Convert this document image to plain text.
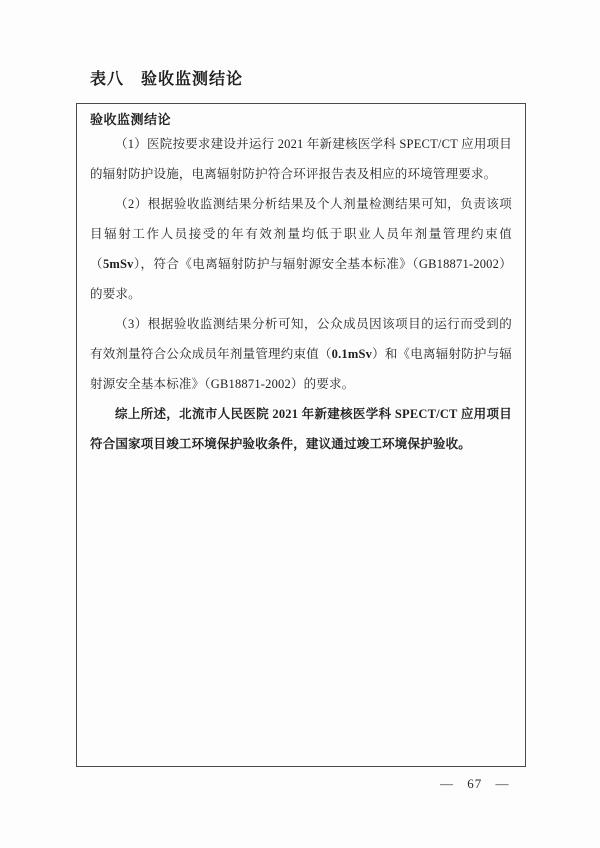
表八　验收监测结论
验收监测结论

（1）医院按要求建设并运行 2021 年新建核医学科 SPECT/CT 应用项目的辐射防护设施，电离辐射防护符合环评报告表及相应的环境管理要求。

（2）根据验收监测结果分析结果及个人剂量检测结果可知，负责该项目辐射工作人员接受的年有效剂量均低于职业人员年剂量管理约束值（5mSv），符合《电离辐射防护与辐射源安全基本标准》（GB18871-2002）的要求。

（3）根据验收监测结果分析可知，公众成员因该项目的运行而受到的有效剂量符合公众成员年剂量管理约束值（0.1mSv）和《电离辐射防护与辐射源安全基本标准》（GB18871-2002）的要求。

综上所述，北流市人民医院 2021 年新建核医学科 SPECT/CT 应用项目符合国家项目竣工环境保护验收条件，建议通过竣工环境保护验收。

— 67 —
